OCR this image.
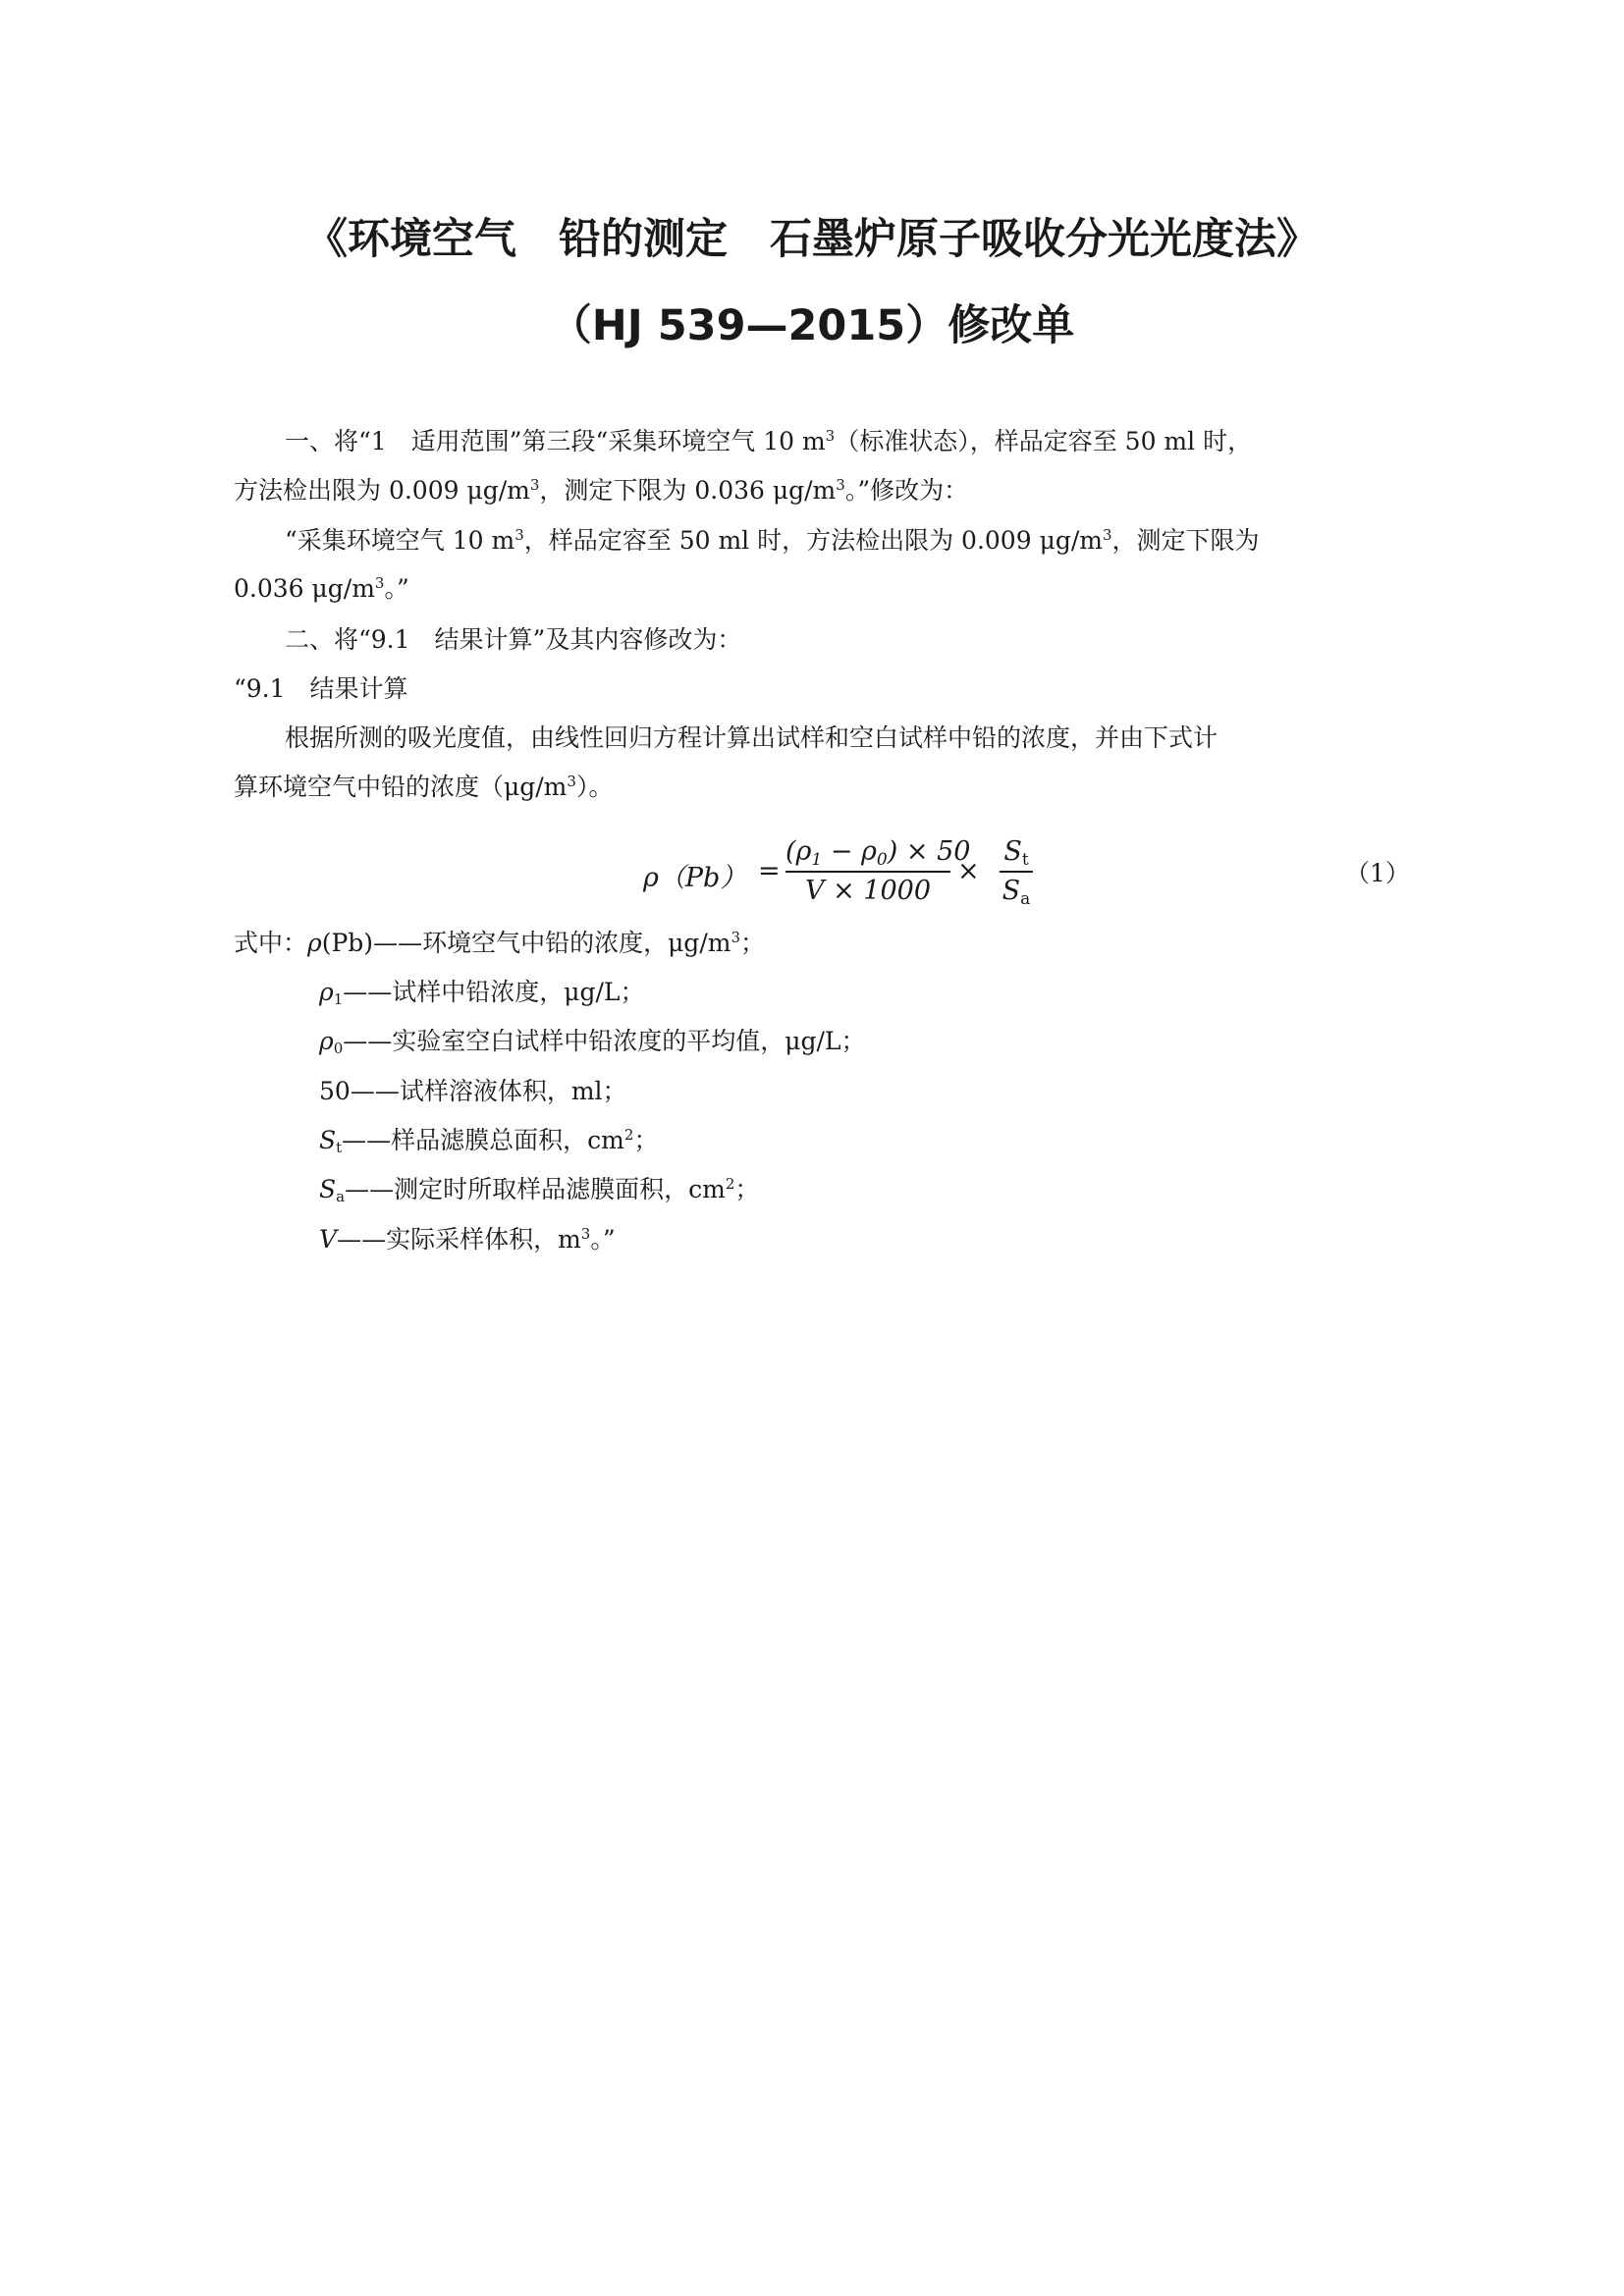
《环境空气　铅的测定　石墨炉原子吸收分光光度法》
（HJ 539—2015）修改单
一、将“1　适用范围”第三段“采集环境空气 10 $m^3$（标准状态），样品定容至 50 ml 时，
方法检出限为 0.009 $\mu g/m^3$，测定下限为 0.036 $\mu g/m^3$。”修改为：
“采集环境空气 10 $m^3$，样品定容至 50 ml 时，方法检出限为 0.009 $\mu g/m^3$，测定下限为
0.036 $\mu g/m^3$。”
二、将“9.1　结果计算”及其内容修改为：
“9.1　结果计算
根据所测的吸光度值，由线性回归方程计算出试样和空白试样中铅的浓度，并由下式计
算环境空气中铅的浓度$(\mu g/m^3)$。
ρ（Pb） =
$(\rho_1 - \rho_0) \times 50$
V × 1000
×
$S_t$
$S_a$
（1）
式中：ρ(Pb)——环境空气中铅的浓度，$\mu g/m^3$；
$\rho_1——$试样中铅浓度，μg/L；
$\rho_0——$实验室空白试样中铅浓度的平均值，μg/L；
50——试样溶液体积，ml；
$S_t——$样品滤膜总面积，$cm^2$；
$S_a——$测定时所取样品滤膜面积，$cm^2$；
V——实际采样体积，$m^3$。”
